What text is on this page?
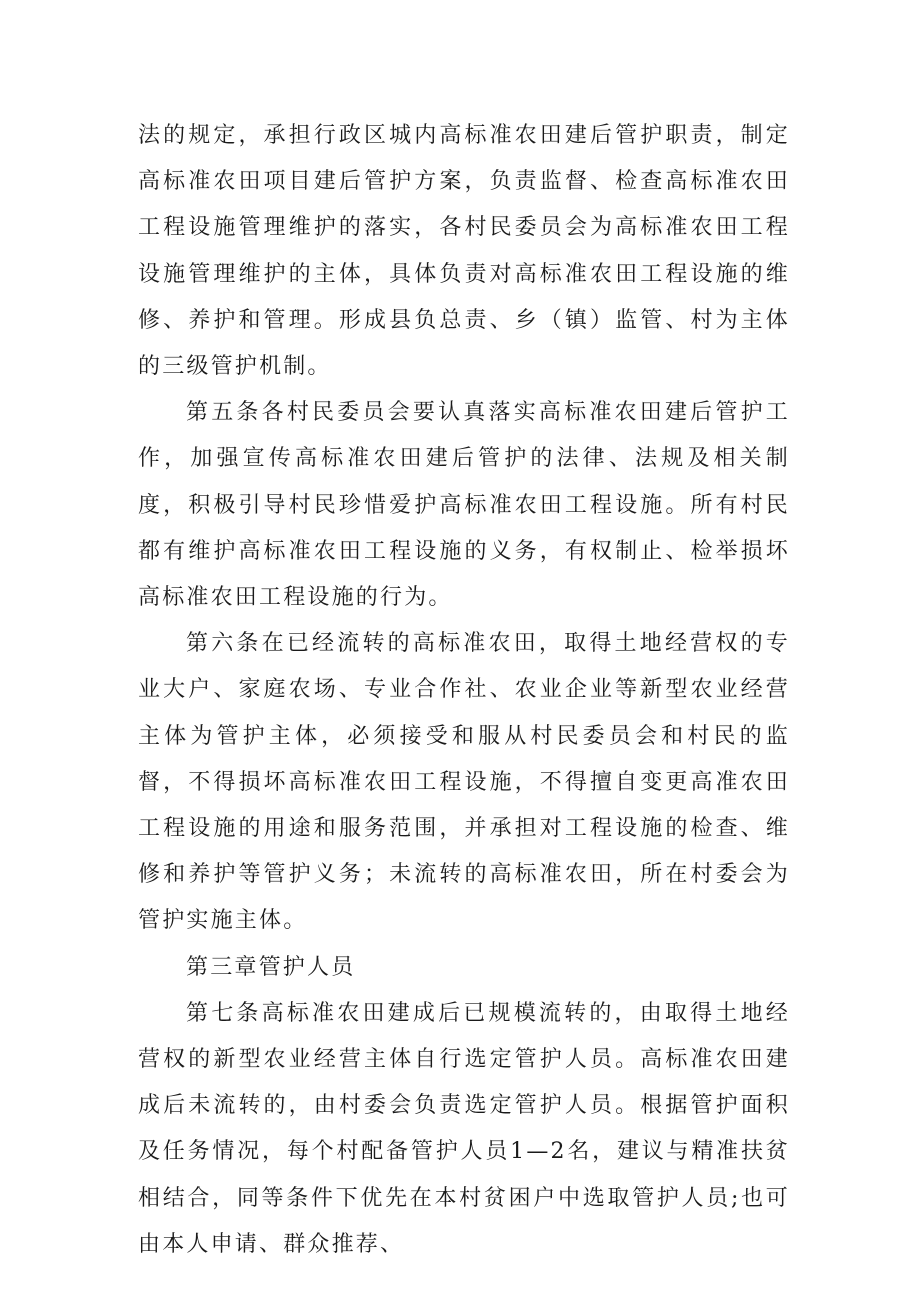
法的规定，承担行政区城内高标准农田建后管护职责，制定高标准农田项目建后管护方案，负责监督、检查高标准农田工程设施管理维护的落实，各村民委员会为高标准农田工程设施管理维护的主体，具体负责对高标准农田工程设施的维修、养护和管理。形成县负总责、乡（镇）监管、村为主体的三级管护机制。

第五条各村民委员会要认真落实高标准农田建后管护工作，加强宣传高标准农田建后管护的法律、法规及相关制度，积极引导村民珍惜爱护高标准农田工程设施。所有村民都有维护高标准农田工程设施的义务，有权制止、检举损坏高标准农田工程设施的行为。

第六条在已经流转的高标准农田，取得土地经营权的专业大户、家庭农场、专业合作社、农业企业等新型农业经营主体为管护主体，必须接受和服从村民委员会和村民的监督，不得损坏高标准农田工程设施，不得擅自变更高准农田工程设施的用途和服务范围，并承担对工程设施的检查、维修和养护等管护义务；未流转的高标准农田，所在村委会为管护实施主体。

第三章管护人员

第七条高标准农田建成后已规模流转的，由取得土地经营权的新型农业经营主体自行选定管护人员。高标准农田建成后未流转的，由村委会负责选定管护人员。根据管护面积及任务情况，每个村配备管护人员1—2名，建议与精准扶贫相结合，同等条件下优先在本村贫困户中选取管护人员;也可由本人申请、群众推荐、
